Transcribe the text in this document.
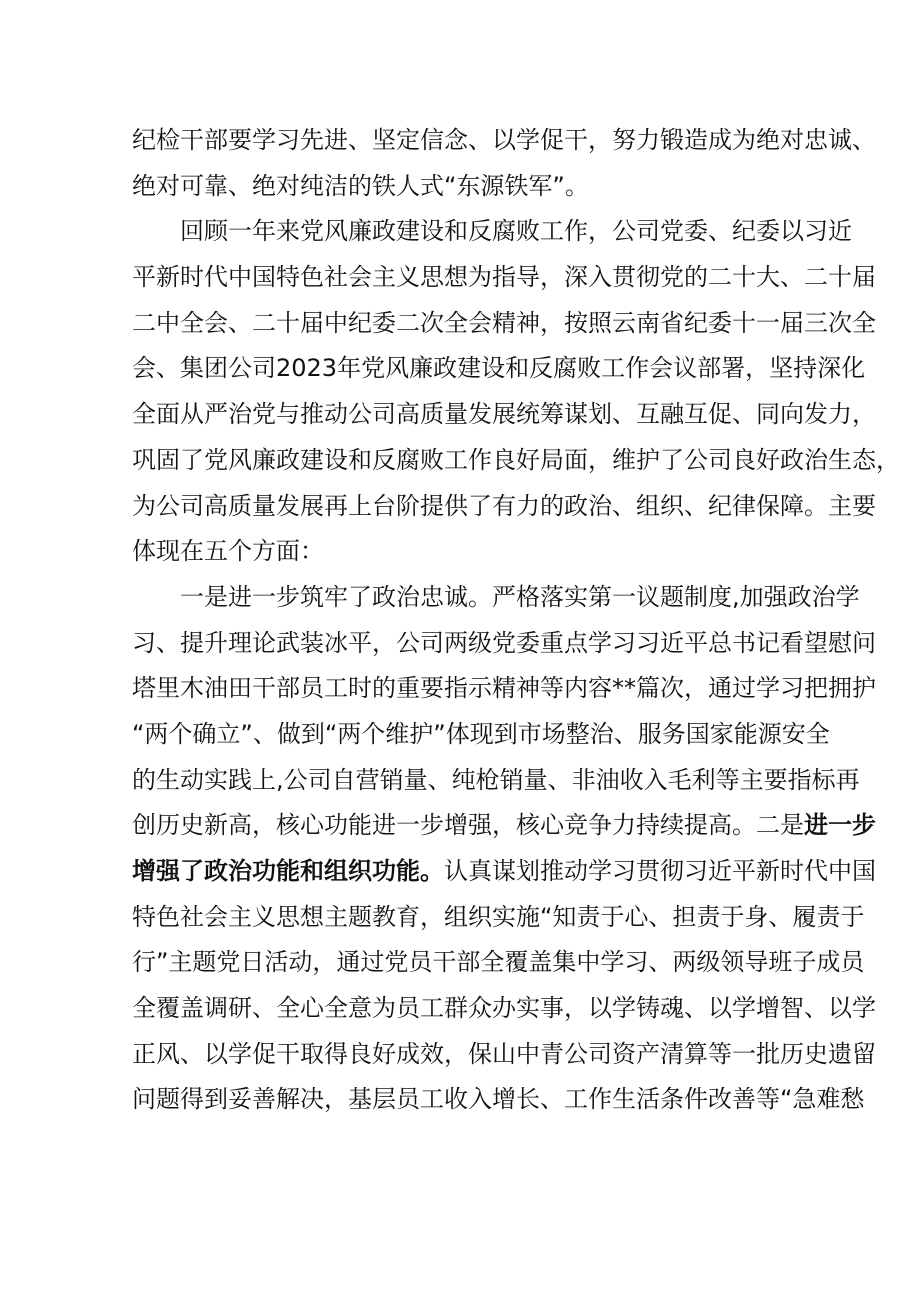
纪检干部要学习先进、坚定信念、以学促干，努力锻造成为绝对忠诚、
绝对可靠、绝对纯洁的铁人式“东源铁军”。
回顾一年来党风廉政建设和反腐败工作，公司党委、纪委以习近
平新时代中国特色社会主义思想为指导，深入贯彻党的二十大、二十届
二中全会、二十届中纪委二次全会精神，按照云南省纪委十一届三次全
会、集团公司2023年党风廉政建设和反腐败工作会议部署，坚持深化
全面从严治党与推动公司高质量发展统筹谋划、互融互促、同向发力，
巩固了党风廉政建设和反腐败工作良好局面，维护了公司良好政治生态，
为公司高质量发展再上台阶提供了有力的政治、组织、纪律保障。主要
体现在五个方面：
一是进一步筑牢了政治忠诚。严格落实第一议题制度,加强政治学
习、提升理论武装冰平，公司两级党委重点学习习近平总书记看望慰问
塔里木油田干部员工时的重要指示精神等内容**篇次，通过学习把拥护
“两个确立”、做到“两个维护”体现到市场整治、服务国家能源安全
的生动实践上,公司自营销量、纯枪销量、非油收入毛利等主要指标再
创历史新高，核心功能进一步增强，核心竞争力持续提高。二是进一步
增强了政治功能和组织功能。认真谋划推动学习贯彻习近平新时代中国
特色社会主义思想主题教育，组织实施“知责于心、担责于身、履责于
行”主题党日活动，通过党员干部全覆盖集中学习、两级领导班子成员
全覆盖调研、全心全意为员工群众办实事，以学铸魂、以学增智、以学
正风、以学促干取得良好成效，保山中青公司资产清算等一批历史遗留
问题得到妥善解决，基层员工收入增长、工作生活条件改善等“急难愁
